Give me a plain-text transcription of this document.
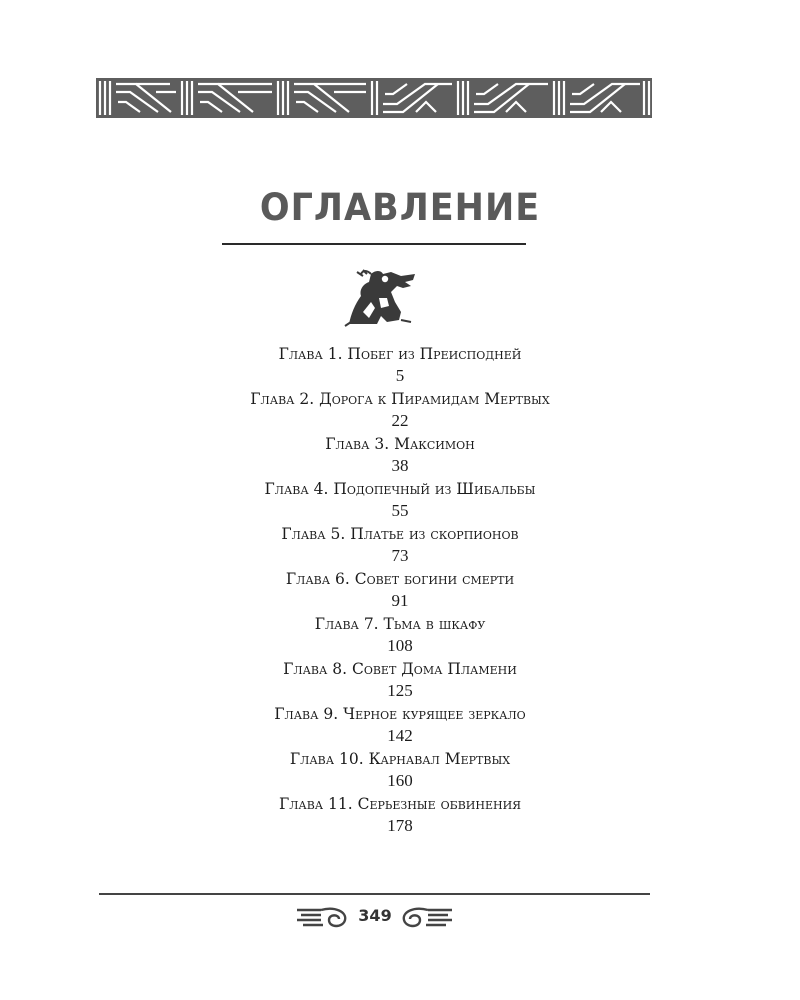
ОГЛАВЛЕНИЕ
Глава 1. Побег из Преисподней
5
Глава 2. Дорога к Пирамидам Мертвых
22
Глава 3. Максимон
38
Глава 4. Подопечный из Шибальбы
55
Глава 5. Платье из скорпионов
73
Глава 6. Совет богини смерти
91
Глава 7. Тьма в шкафу
108
Глава 8. Совет Дома Пламени
125
Глава 9. Черное курящее зеркало
142
Глава 10. Карнавал Мертвых
160
Глава 11. Серьезные обвинения
178
349
